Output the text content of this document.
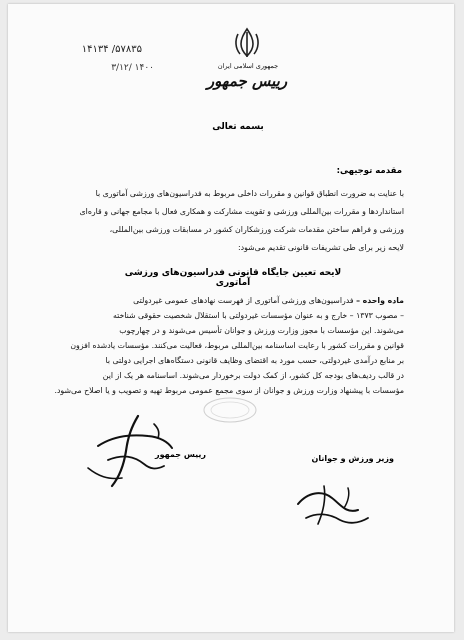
۵۷۸۳۵/ ۱۴۱۳۴
۱۴۰۰ /۳/۱۲	جمهوری اسلامی ایران
رییس جمهور
بسمه تعالی
مقدمه توجیهی:
با عنایت به ضرورت انطباق قوانین و مقررات داخلی مربوط به فدراسیون‌های ورزشی آماتوری با
استانداردها و مقررات بین‌المللی ورزشی و تقویت مشارکت و همکاری فعال با مجامع جهانی و قاره‌ای
ورزشی و فراهم ساختن مقدمات شرکت ورزشکاران کشور در مسابقات ورزشی بین‌المللی،
لایحه زیر برای طی تشریفات قانونی تقدیم می‌شود:
لایحه تعیین جایگاه قانونی فدراسیون‌های ورزشی آماتوری
ماده واحده – فدراسیون‌های ورزشی آماتوری از فهرست نهادهای عمومی غیردولتی
– مصوب ۱۳۷۳ – خارج و به عنوان مؤسسات غیردولتی با استقلال شخصیت حقوقی شناخته
می‌شوند. این مؤسسات با مجوز وزارت ورزش و جوانان تأسیس می‌شوند و در چهارچوب
قوانین و مقررات کشور با رعایت اساسنامه بین‌المللی مربوط، فعالیت می‌کنند. مؤسسات یادشده افزون
بر منابع درآمدی غیردولتی، حسب مورد به اقتضای وظایف قانونی دستگاه‌های اجرایی دولتی با
در قالب ردیف‌های بودجه کل کشور، از کمک دولت برخوردار می‌شوند. اساسنامه هر یک از این
مؤسسات با پیشنهاد وزارت ورزش و جوانان از سوی مجمع عمومی مربوط تهیه و تصویب و یا اصلاح می‌شود.
رییس جمهور	وزیر ورزش و جوانان
